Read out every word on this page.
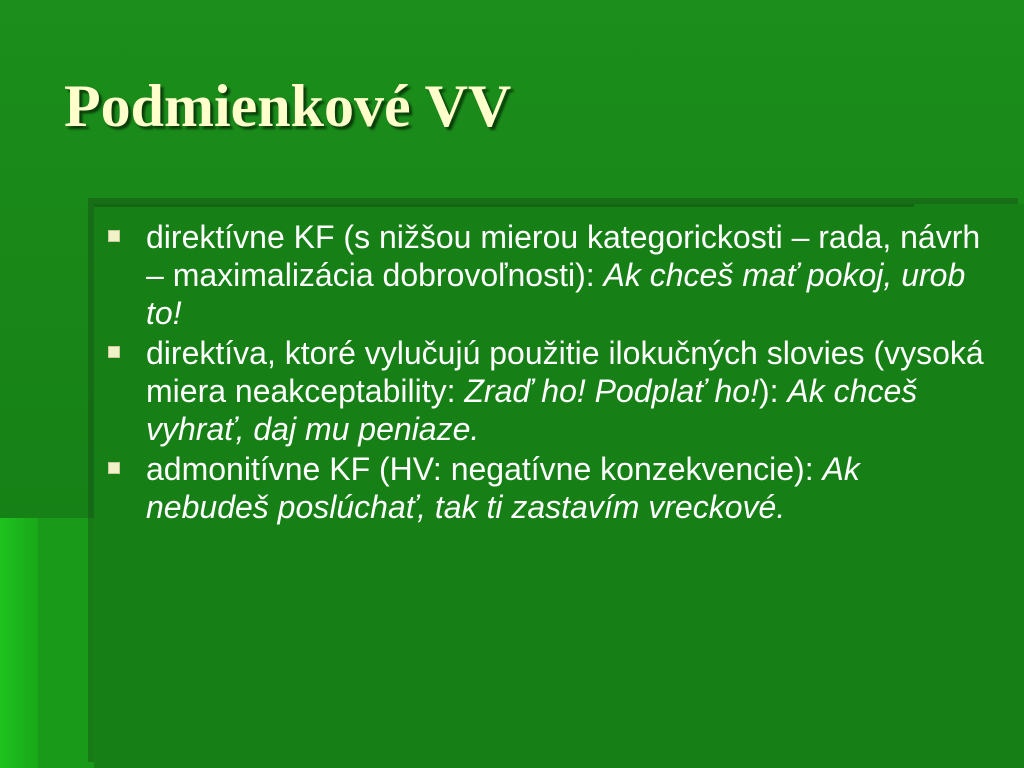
Podmienkové VV
direktívne KF (s nižšou mierou kategorickosti – rada, návrh – maximalizácia dobrovoľnosti): Ak chceš mať pokoj, urob to!
direktíva, ktoré vylučujú použitie ilokučných slovies (vysoká miera neakceptability: Zraď ho! Podplať ho!): Ak chceš vyhrať, daj mu peniaze.
admonitívne KF (HV: negatívne konzekvencie): Ak nebudeš poslúchať, tak ti zastavím vreckové.
